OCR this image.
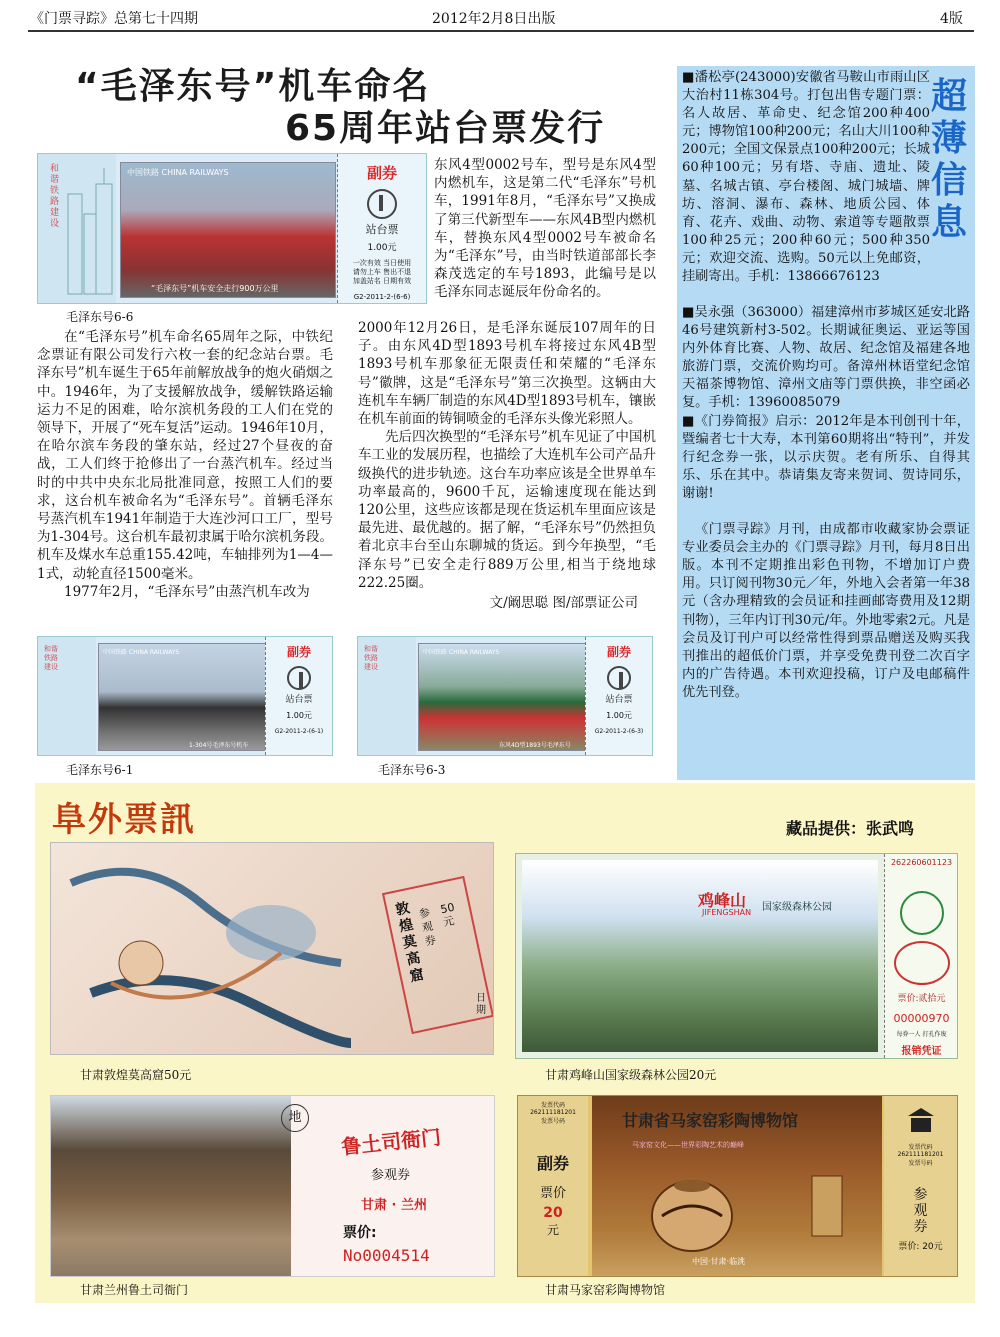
《门票寻踪》总第七十四期	2012年2月8日出版	4版
“毛泽东号”机车命名
65周年站台票发行
和谐铁路建设
中国铁路 CHINA RAILWAYS
“毛泽东号”机车安全走行900万公里
副券
站台票
1.00元
一次有效 当日使用 请勿上车 售出不退 加盖站名 日期有效
G2-2011-2-(6-6)
毛泽东号6-6

在“毛泽东号”机车命名65周年之际，中铁纪念票证有限公司发行六枚一套的纪念站台票。毛泽东号”机车诞生于65年前解放战争的炮火硝烟之中。1946年，为了支援解放战争，缓解铁路运输运力不足的困难，哈尔滨机务段的工人们在党的领导下，开展了“死车复活”运动。1946年10月，在哈尔滨车务段的肇东站，经过27个昼夜的奋战，工人们终于抢修出了一台蒸汽机车。经过当时的中共中央东北局批准同意，按照工人们的要求，这台机车被命名为“毛泽东号”。首辆毛泽东号蒸汽机车1941年制造于大连沙河口工厂，型号为1-304号。这台机车最初隶属于哈尔滨机务段。机车及煤水车总重155.42吨，车轴排列为1—4—1式，动轮直径1500毫米。

1977年2月，“毛泽东号”由蒸汽机车改为

东风4型0002号车，型号是东风4型内燃机车，这是第二代“毛泽东”号机车，1991年8月，“毛泽东号”又换成了第三代新型车——东风4B型内燃机车，替换东风4型0002号车被命名为“毛泽东”号，由当时铁道部部长李森茂选定的车号1893，此编号是以毛泽东同志诞辰年份命名的。

2000年12月26日，是毛泽东诞辰107周年的日子。由东风4D型1893号机车将接过东风4B型1893号机车那象征无限责任和荣耀的“毛泽东号”徽牌，这是“毛泽东号”第三次换型。这辆由大连机车车辆厂制造的东风4D型1893号机车，镶嵌在机车前面的铸铜喷金的毛泽东头像光彩照人。

先后四次换型的“毛泽东号”机车见证了中国机车工业的发展历程，也描绘了大连机车公司产品升级换代的进步轨迹。这台车功率应该是全世界单车功率最高的，9600千瓦，运输速度现在能达到120公里，这些应该都是现在货运机车里面应该是最先进、最优越的。据了解，“毛泽东号”仍然担负着北京丰台至山东聊城的货运。到今年换型，“毛泽东号”已安全走行889万公里,相当于绕地球222.25圈。

文/阚思聪 图/部票证公司

和谐铁路建设
中国铁路 CHINA RAILWAYS
1-304号毛泽东号机车
副券
站台票
1.00元
G2-2011-2-(6-1)
毛泽东号6-1
和谐铁路建设
中国铁路 CHINA RAILWAYS
东风4D型1893号毛泽东号
副券
站台票
1.00元
G2-2011-2-(6-3)
毛泽东号6-3
超
薄
信
息

■潘松亭(243000)安徽省马鞍山市雨山区大治村11栋304号。打包出售专题门票：名人故居、革命史、纪念馆200种400元；博物馆100种200元；名山大川100种200元；全国文保景点100种200元；长城60种100元；另有塔、寺庙、遗址、陵墓、名城古镇、亭台楼阁、城门城墙、牌坊、溶洞、瀑布、森林、地质公园、体育、花卉、戏曲、动物、索道等专题散票100种25元；200种60元；500种350元；欢迎交流、选购。50元以上免邮资，挂刷寄出。手机：13866676123

■吴永强（363000）福建漳州市芗城区延安北路46号建筑新村3-502。长期诚征奥运、亚运等国内外体育比赛、人物、故居、纪念馆及福建各地旅游门票，交流价购均可。备漳州林语堂纪念馆天福茶博物馆、漳州文庙等门票供换，非空函必复。手机：13960085079

■《门券简报》启示：2012年是本刊创刊十年，暨编者七十大寿，本刊第60期将出“特刊”，并发行纪念券一张，以示庆贺。老有所乐、自得其乐、乐在其中。恭请集友寄来贺词、贺诗同乐，谢谢!

《门票寻踪》月刊，由成都市收藏家协会票证专业委员会主办的《门票寻踪》月刊，每月8日出版。本刊不定期推出彩色刊物，不增加订户费用。只订阅刊物30元／年，外地入会者第一年38元（含办理精致的会员证和挂画邮寄费用及12期刊物），三年内订刊30元/年。外地零索2元。凡是会员及订刊户可以经常性得到票品赠送及购买我刊推出的超低价门票，并享受免费刊登二次百字内的广告待遇。本刊欢迎投稿，订户及电邮稿件优先刊登。

阜外票訊	藏品提供：张武鸣
敦煌莫高窟
参观券
50元
日期
甘肃敦煌莫高窟50元
鸡峰山
JIFENGSHAN 国家级森林公园
262260601123
票价:贰拾元
00000970
每券一人 打孔作废
报销凭证
甘肃鸡峰山国家级森林公园20元
地
鲁土司衙门
参观券
甘肃 · 兰州
票价:
No0004514
甘肃兰州鲁土司衙门
发票代码
262111181201
发票号码
副券
票价
20
元
甘肃省马家窑彩陶博物馆
马家窑文化——世界彩陶艺术的巅峰
中国·甘肃·临洮
发票代码
262111181201
发票号码
参观券
票价: 20元
甘肃马家窑彩陶博物馆
